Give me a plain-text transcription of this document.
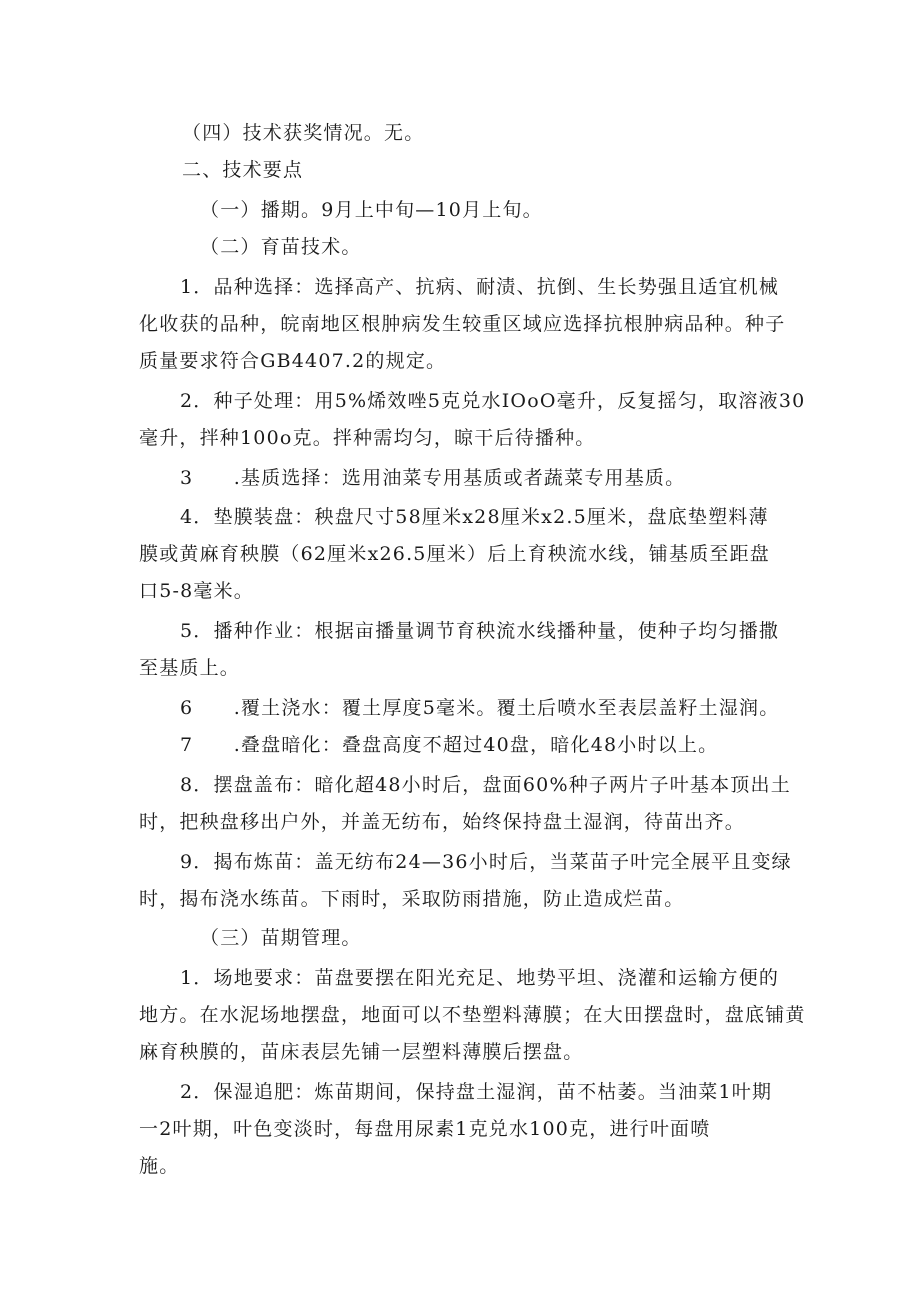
（四）技术获奖情况。无。
二、技术要点
（一）播期。9月上中旬—10月上旬。
（二）育苗技术。
1．品种选择：选择高产、抗病、耐渍、抗倒、生长势强且适宜机械
化收获的品种，皖南地区根肿病发生较重区域应选择抗根肿病品种。种子
质量要求符合GB4407.2的规定。
2．种子处理：用5%烯效唑5克兑水IOoO毫升，反复摇匀，取溶液30
毫升，拌种100o克。拌种需均匀，晾干后待播种。
3　　.基质选择：选用油菜专用基质或者蔬菜专用基质。
4．垫膜装盘：秧盘尺寸58厘米x28厘米x2.5厘米，盘底垫塑料薄
膜或黄麻育秧膜（62厘米x26.5厘米）后上育秧流水线，铺基质至距盘
口5-8毫米。
5．播种作业：根据亩播量调节育秧流水线播种量，使种子均匀播撒
至基质上。
6　　.覆土浇水：覆土厚度5毫米。覆土后喷水至表层盖籽土湿润。
7　　.叠盘暗化：叠盘高度不超过40盘，暗化48小时以上。
8．摆盘盖布：暗化超48小时后，盘面60%种子两片子叶基本顶出土
时，把秧盘移出户外，并盖无纺布，始终保持盘土湿润，待苗出齐。
9．揭布炼苗：盖无纺布24—36小时后，当菜苗子叶完全展平且变绿
时，揭布浇水练苗。下雨时，采取防雨措施，防止造成烂苗。
（三）苗期管理。
1．场地要求：苗盘要摆在阳光充足、地势平坦、浇灌和运输方便的
地方。在水泥场地摆盘，地面可以不垫塑料薄膜；在大田摆盘时，盘底铺黄
麻育秧膜的，苗床表层先铺一层塑料薄膜后摆盘。
2．保湿追肥：炼苗期间，保持盘土湿润，苗不枯萎。当油菜1叶期
一2叶期，叶色变淡时，每盘用尿素1克兑水100克，进行叶面喷
施。
